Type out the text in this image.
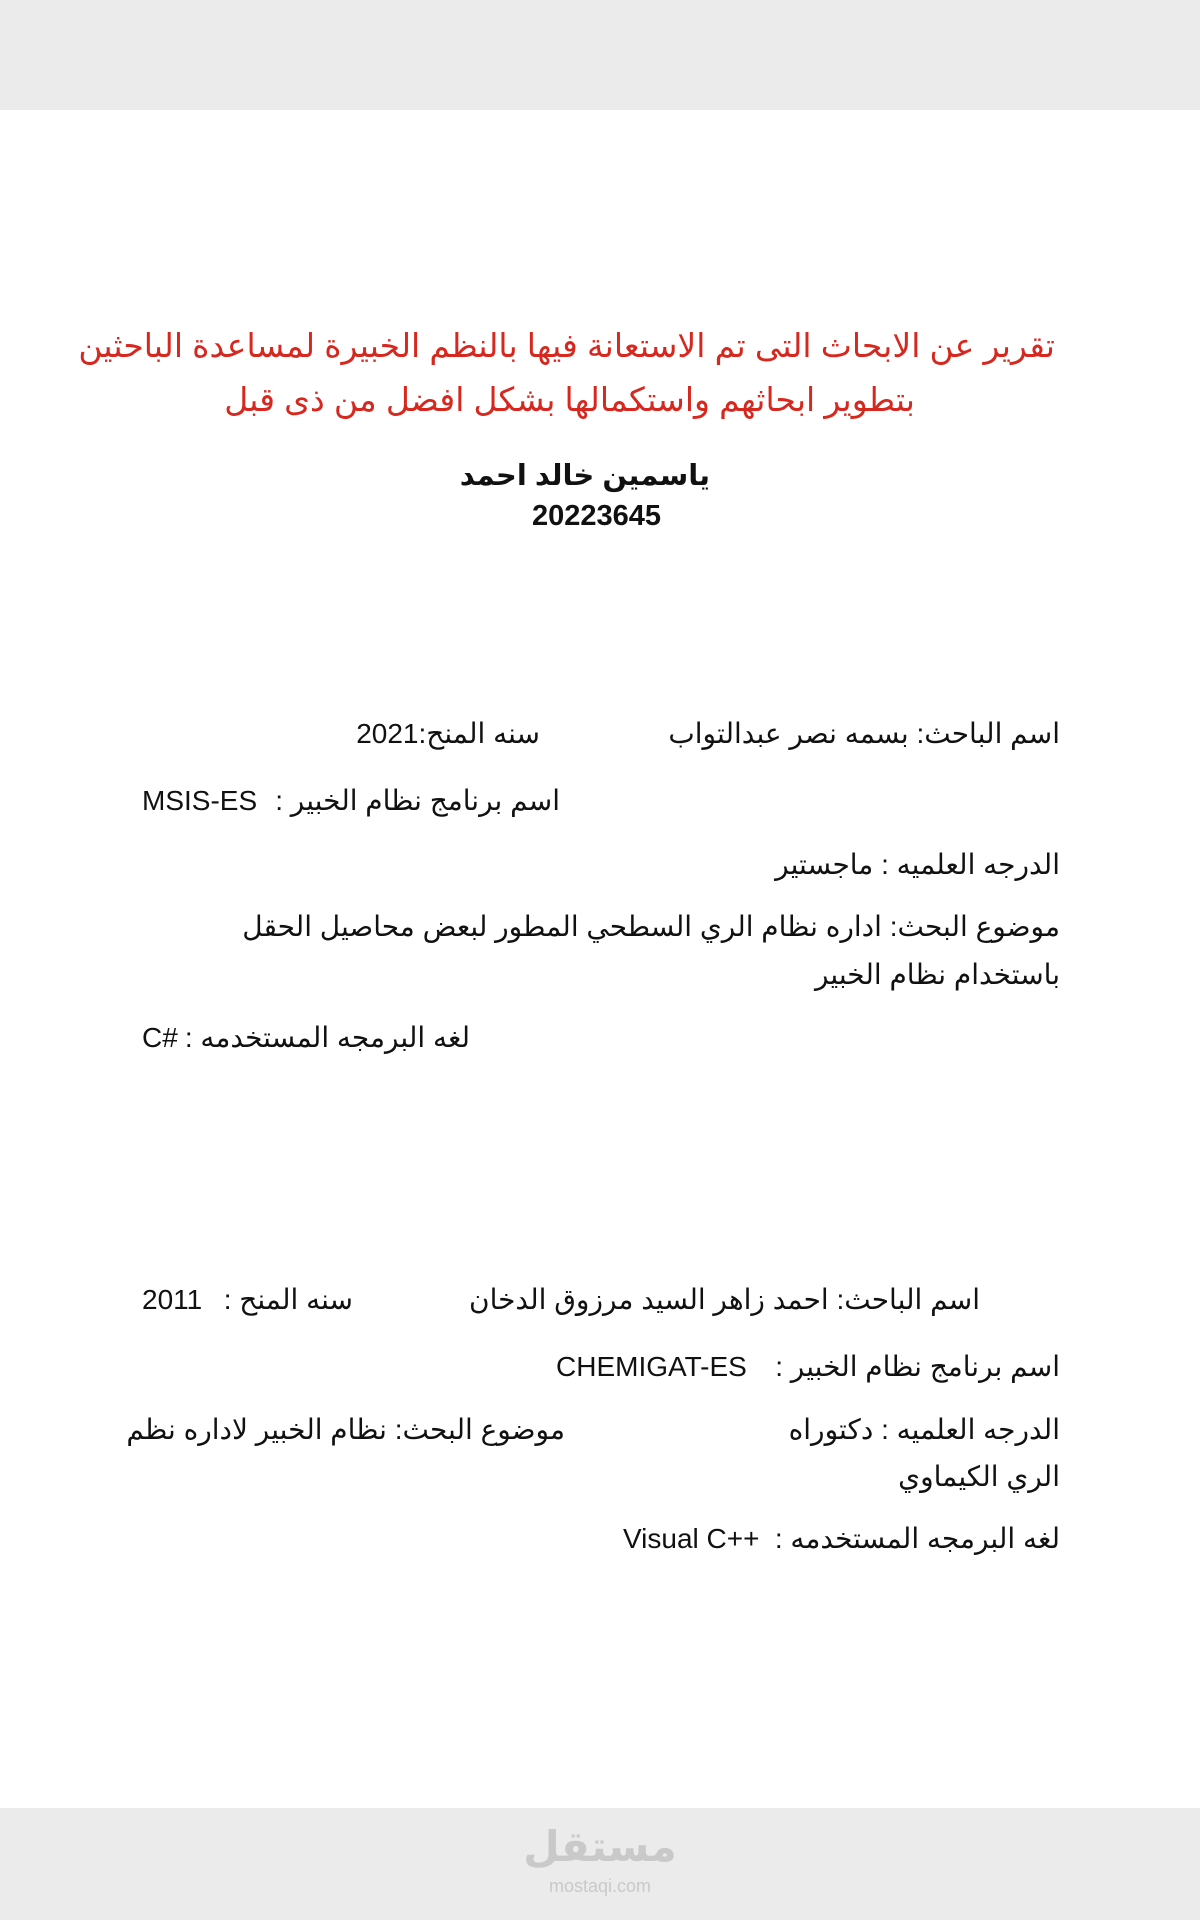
تقرير عن الابحاث التى تم الاستعانة فيها بالنظم الخبيرة لمساعدة الباحثين
بتطوير ابحاثهم واستكمالها بشكل افضل من ذى قبل
ياسمين خالد احمد
20223645
اسم الباحث: بسمه نصر عبدالتواب
سنه المنح:2021
اسم برنامج نظام الخبير :
MSIS-ES
الدرجه العلميه : ماجستير
موضوع البحث: اداره نظام الري السطحي المطور لبعض محاصيل الحقل
باستخدام نظام الخبير
لغه البرمجه المستخدمه :
C#
اسم الباحث: احمد زاهر السيد مرزوق الدخان
سنه المنح :
2011
اسم برنامج نظام الخبير :
CHEMIGAT-ES
الدرجه العلميه : دكتوراه
موضوع البحث: نظام الخبير لاداره نظم
الري الكيماوي
لغه البرمجه المستخدمه :
Visual C++
مستقل
mostaqi.com
